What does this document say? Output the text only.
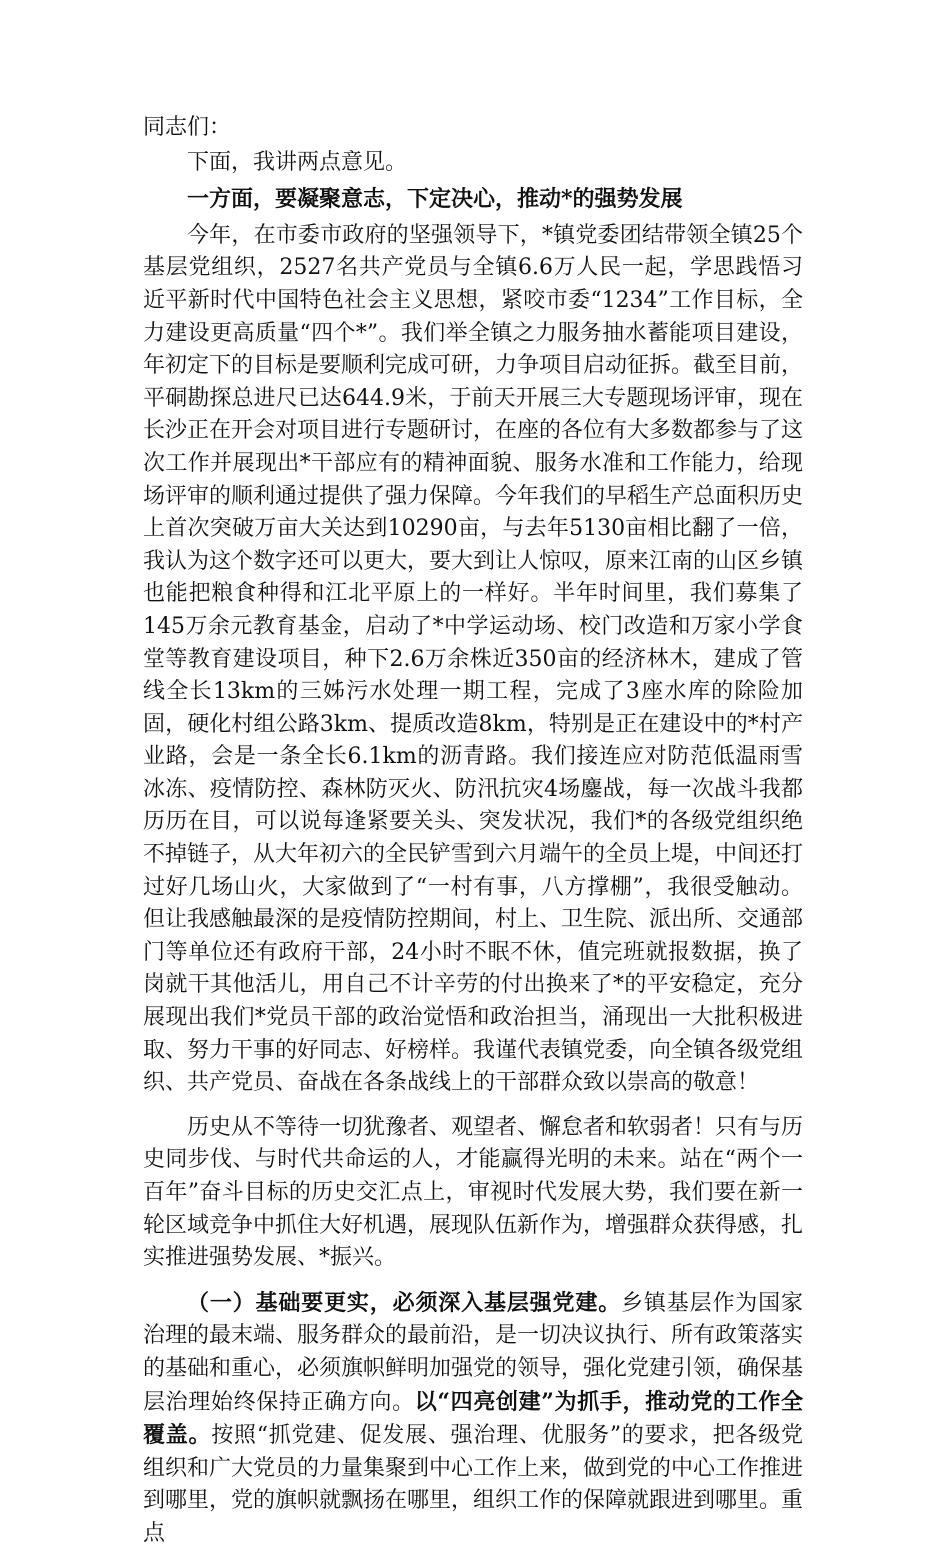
同志们：

下面，我讲两点意见。

一方面，要凝聚意志，下定决心，推动*的强势发展

今年，在市委市政府的坚强领导下，*镇党委团结带领全镇25个基层党组织，2527名共产党员与全镇6.6万人民一起，学思践悟习近平新时代中国特色社会主义思想，紧咬市委“1234”工作目标，全力建设更高质量“四个*”。我们举全镇之力服务抽水蓄能项目建设，年初定下的目标是要顺利完成可研，力争项目启动征拆。截至目前，平硐勘探总进尺已达644.9米，于前天开展三大专题现场评审，现在长沙正在开会对项目进行专题研讨，在座的各位有大多数都参与了这次工作并展现出*干部应有的精神面貌、服务水准和工作能力，给现场评审的顺利通过提供了强力保障。今年我们的早稻生产总面积历史上首次突破万亩大关达到10290亩，与去年5130亩相比翻了一倍，我认为这个数字还可以更大，要大到让人惊叹，原来江南的山区乡镇也能把粮食种得和江北平原上的一样好。半年时间里，我们募集了145万余元教育基金，启动了*中学运动场、校门改造和万家小学食堂等教育建设项目，种下2.6万余株近350亩的经济林木，建成了管线全长13km的三姊污水处理一期工程，完成了3座水库的除险加固，硬化村组公路3km、提质改造8km，特别是正在建设中的*村产业路，会是一条全长6.1km的沥青路。我们接连应对防范低温雨雪冰冻、疫情防控、森林防灭火、防汛抗灾4场鏖战，每一次战斗我都历历在目，可以说每逢紧要关头、突发状况，我们*的各级党组织绝不掉链子，从大年初六的全民铲雪到六月端午的全员上堤，中间还打过好几场山火，大家做到了“一村有事，八方撑棚”，我很受触动。但让我感触最深的是疫情防控期间，村上、卫生院、派出所、交通部门等单位还有政府干部，24小时不眠不休，值完班就报数据，换了岗就干其他活儿，用自己不计辛劳的付出换来了*的平安稳定，充分展现出我们*党员干部的政治觉悟和政治担当，涌现出一大批积极进取、努力干事的好同志、好榜样。我谨代表镇党委，向全镇各级党组织、共产党员、奋战在各条战线上的干部群众致以崇高的敬意！

历史从不等待一切犹豫者、观望者、懈怠者和软弱者！只有与历史同步伐、与时代共命运的人，才能赢得光明的未来。站在“两个一百年”奋斗目标的历史交汇点上，审视时代发展大势，我们要在新一轮区域竞争中抓住大好机遇，展现队伍新作为，增强群众获得感，扎实推进强势发展、*振兴。

（一）基础要更实，必须深入基层强党建。乡镇基层作为国家治理的最末端、服务群众的最前沿，是一切决议执行、所有政策落实的基础和重心，必须旗帜鲜明加强党的领导，强化党建引领，确保基层治理始终保持正确方向。以“四亮创建”为抓手，推动党的工作全覆盖。按照“抓党建、促发展、强治理、优服务”的要求，把各级党组织和广大党员的力量集聚到中心工作上来，做到党的中心工作推进到哪里，党的旗帜就飘扬在哪里，组织工作的保障就跟进到哪里。重点
